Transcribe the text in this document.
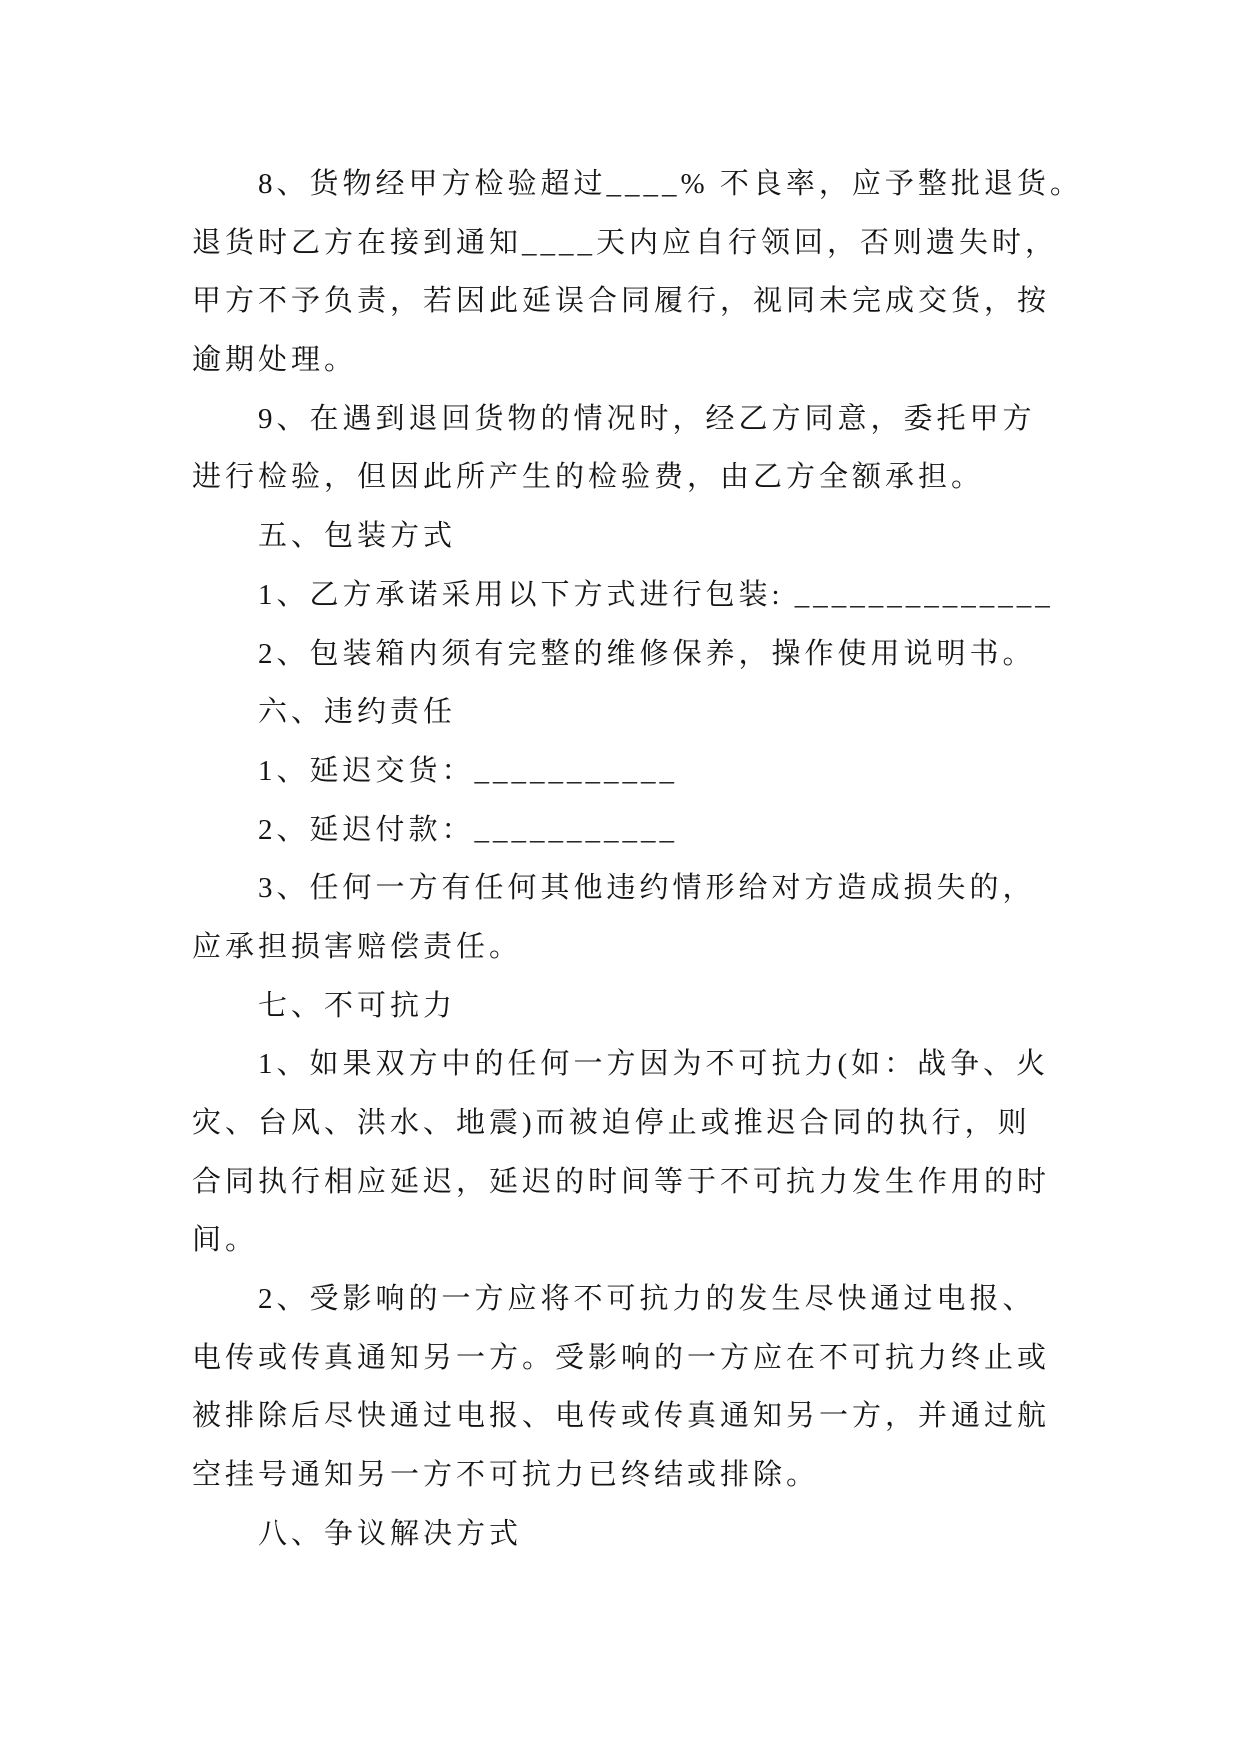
8、货物经甲方检验超过____% 不良率，应予整批退货。
退货时乙方在接到通知____天内应自行领回，否则遗失时，
甲方不予负责，若因此延误合同履行，视同未完成交货，按
逾期处理。
9、在遇到退回货物的情况时，经乙方同意，委托甲方
进行检验，但因此所产生的检验费，由乙方全额承担。
五、包装方式
1、乙方承诺采用以下方式进行包装: ______________
2、包装箱内须有完整的维修保养，操作使用说明书。
六、违约责任
1、延迟交货：___________
2、延迟付款：___________
3、任何一方有任何其他违约情形给对方造成损失的，
应承担损害赔偿责任。
七、不可抗力
1、如果双方中的任何一方因为不可抗力(如：战争、火
灾、台风、洪水、地震)而被迫停止或推迟合同的执行，则
合同执行相应延迟，延迟的时间等于不可抗力发生作用的时
间。
2、受影响的一方应将不可抗力的发生尽快通过电报、
电传或传真通知另一方。受影响的一方应在不可抗力终止或
被排除后尽快通过电报、电传或传真通知另一方，并通过航
空挂号通知另一方不可抗力已终结或排除。
八、争议解决方式
